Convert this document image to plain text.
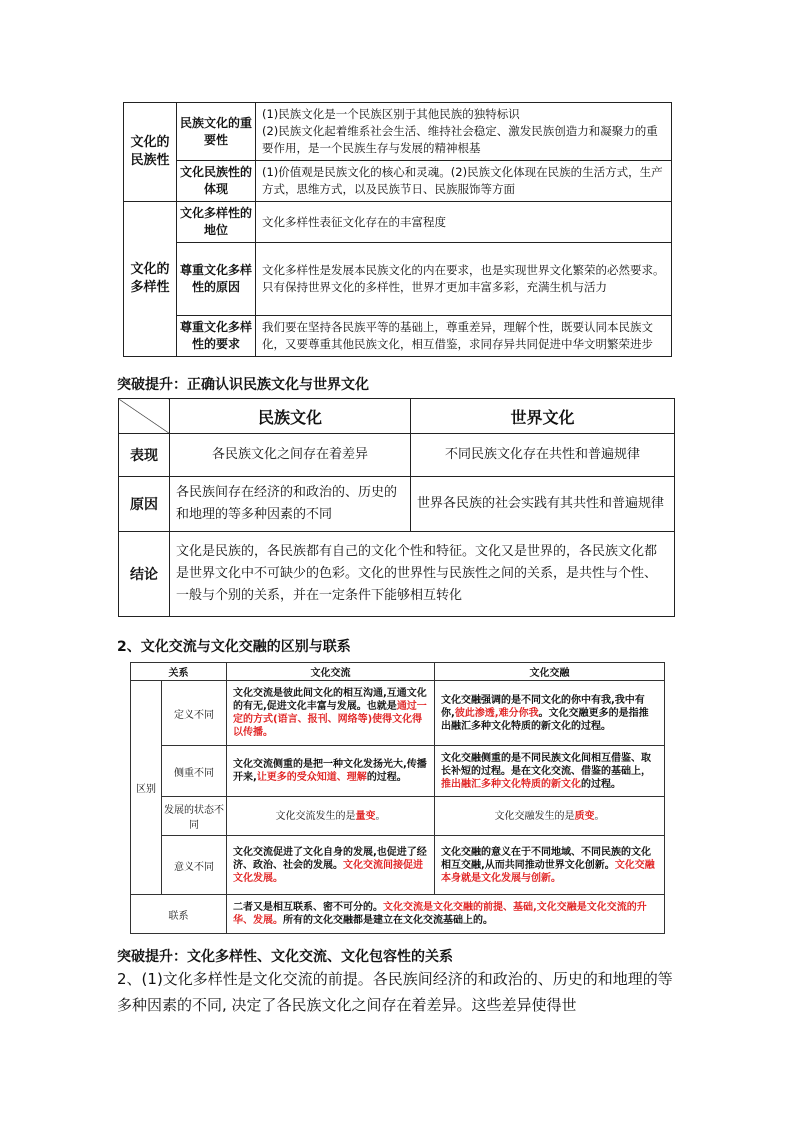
文化的民族性	民族文化的重要性	(1)民族文化是一个民族区别于其他民族的独特标识
(2)民族文化起着维系社会生活、维持社会稳定、激发民族创造力和凝聚力的重要作用，是一个民族生存与发展的精神根基

	文化民族性的体现	(1)价值观是民族文化的核心和灵魂。(2)民族文化体现在民族的生活方式，生产方式，思维方式，以及民族节日、民族服饰等方面
文化的多样性	文化多样性的地位	文化多样性表征文化存在的丰富程度
	尊重文化多样性的原因	文化多样性是发展本民族文化的内在要求，也是实现世界文化繁荣的必然要求。只有保持世界文化的多样性，世界才更加丰富多彩，充满生机与活力
	尊重文化多样性的要求	我们要在坚持各民族平等的基础上，尊重差异，理解个性，既要认同本民族文化，又要尊重其他民族文化，相互借鉴，求同存异共同促进中华文明繁荣进步
突破提升：正确认识民族文化与世界文化
	民族文化	世界文化
表现	各民族文化之间存在着差异	不同民族文化存在共性和普遍规律
原因	各民族间存在经济的和政治的、历史的和地理的等多种因素的不同	世界各民族的社会实践有其共性和普遍规律
结论	文化是民族的，各民族都有自己的文化个性和特征。文化又是世界的，各民族文化都是世界文化中不可缺少的色彩。文化的世界性与民族性之间的关系，是共性与个性、一般与个别的关系，并在一定条件下能够相互转化	
2、文化交流与文化交融的区别与联系
关系		文化交流	文化交融
区别	定义不同	文化交流是彼此间文化的相互沟通,互通文化的有无,促进文化丰富与发展。也就是通过一定的方式(语言、报刊、网络等)使得文化得以传播。	文化交融强调的是不同文化的你中有我,我中有你,彼此渗透,难分你我。文化交融更多的是指推出融汇多种文化特质的新文化的过程。
	侧重不同	文化交流侧重的是把一种文化发扬光大,传播开来,让更多的受众知道、理解的过程。	文化交融侧重的是不同民族文化间相互借鉴、取长补短的过程。是在文化交流、借鉴的基础上，推出融汇多种文化特质的新文化的过程。
	发展的状态不同	文化交流发生的是量变。	文化交融发生的是质变。
	意义不同	文化交流促进了文化自身的发展,也促进了经济、政治、社会的发展。文化交流间接促进文化发展。	文化交融的意义在于不同地域、不同民族的文化相互交融,从而共同推动世界文化创新。文化交融本身就是文化发展与创新。
联系		二者又是相互联系、密不可分的。文化交流是文化交融的前提、基础,文化交融是文化交流的升华、发展。所有的文化交融都是建立在文化交流基础上的。	
突破提升：文化多样性、文化交流、文化包容性的关系
2、(1)文化多样性是文化交流的前提。各民族间经济的和政治的、历史的和地理的等多种因素的不同, 决定了各民族文化之间存在着差异。这些差异使得世
